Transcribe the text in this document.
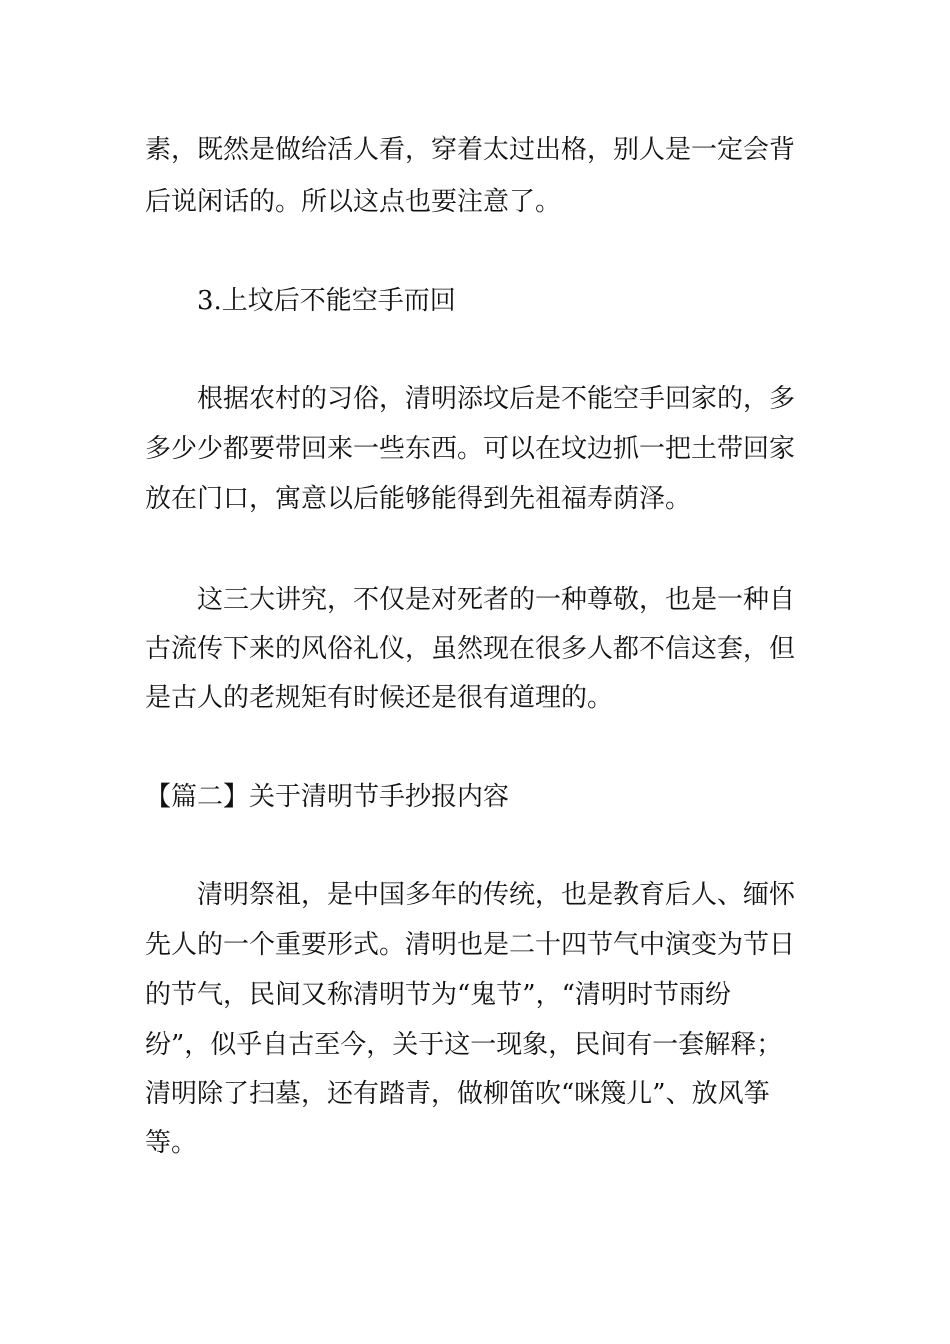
素，既然是做给活人看，穿着太过出格，别人是一定会背
后说闲话的。所以这点也要注意了。
3.上坟后不能空手而回
根据农村的习俗，清明添坟后是不能空手回家的，多
多少少都要带回来一些东西。可以在坟边抓一把土带回家
放在门口，寓意以后能够能得到先祖福寿荫泽。
这三大讲究，不仅是对死者的一种尊敬，也是一种自
古流传下来的风俗礼仪，虽然现在很多人都不信这套，但
是古人的老规矩有时候还是很有道理的。
【篇二】关于清明节手抄报内容
清明祭祖，是中国多年的传统，也是教育后人、缅怀
先人的一个重要形式。清明也是二十四节气中演变为节日
的节气，民间又称清明节为“鬼节”，“清明时节雨纷
纷”，似乎自古至今，关于这一现象，民间有一套解释；
清明除了扫墓，还有踏青，做柳笛吹“咪篾儿”、放风筝
等。
